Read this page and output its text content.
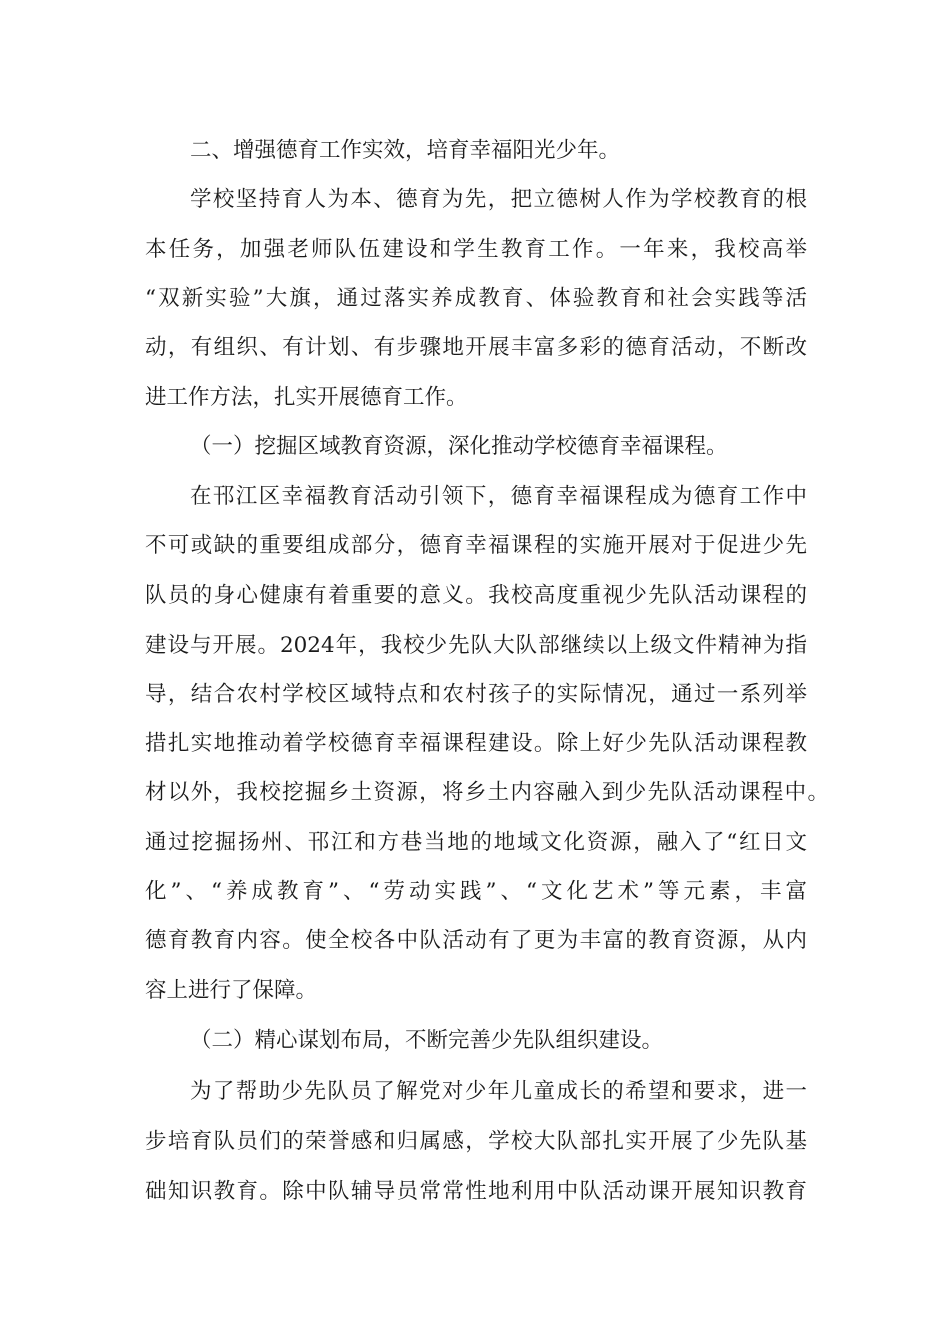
二、增强德育工作实效，培育幸福阳光少年。
学校坚持育人为本、德育为先，把立德树人作为学校教育的根
本任务，加强老师队伍建设和学生教育工作。一年来，我校高举
“双新实验”大旗，通过落实养成教育、体验教育和社会实践等活
动，有组织、有计划、有步骤地开展丰富多彩的德育活动，不断改
进工作方法，扎实开展德育工作。
（一）挖掘区域教育资源，深化推动学校德育幸福课程。
在邗江区幸福教育活动引领下，德育幸福课程成为德育工作中
不可或缺的重要组成部分，德育幸福课程的实施开展对于促进少先
队员的身心健康有着重要的意义。我校高度重视少先队活动课程的
建设与开展。2024年，我校少先队大队部继续以上级文件精神为指
导，结合农村学校区域特点和农村孩子的实际情况，通过一系列举
措扎实地推动着学校德育幸福课程建设。除上好少先队活动课程教
材以外，我校挖掘乡土资源，将乡土内容融入到少先队活动课程中。
通过挖掘扬州、邗江和方巷当地的地域文化资源，融入了“红日文
化”、“养成教育”、“劳动实践”、“文化艺术”等元素，丰富
德育教育内容。使全校各中队活动有了更为丰富的教育资源，从内
容上进行了保障。
（二）精心谋划布局，不断完善少先队组织建设。
为了帮助少先队员了解党对少年儿童成长的希望和要求，进一
步培育队员们的荣誉感和归属感，学校大队部扎实开展了少先队基
础知识教育。除中队辅导员常常性地利用中队活动课开展知识教育
